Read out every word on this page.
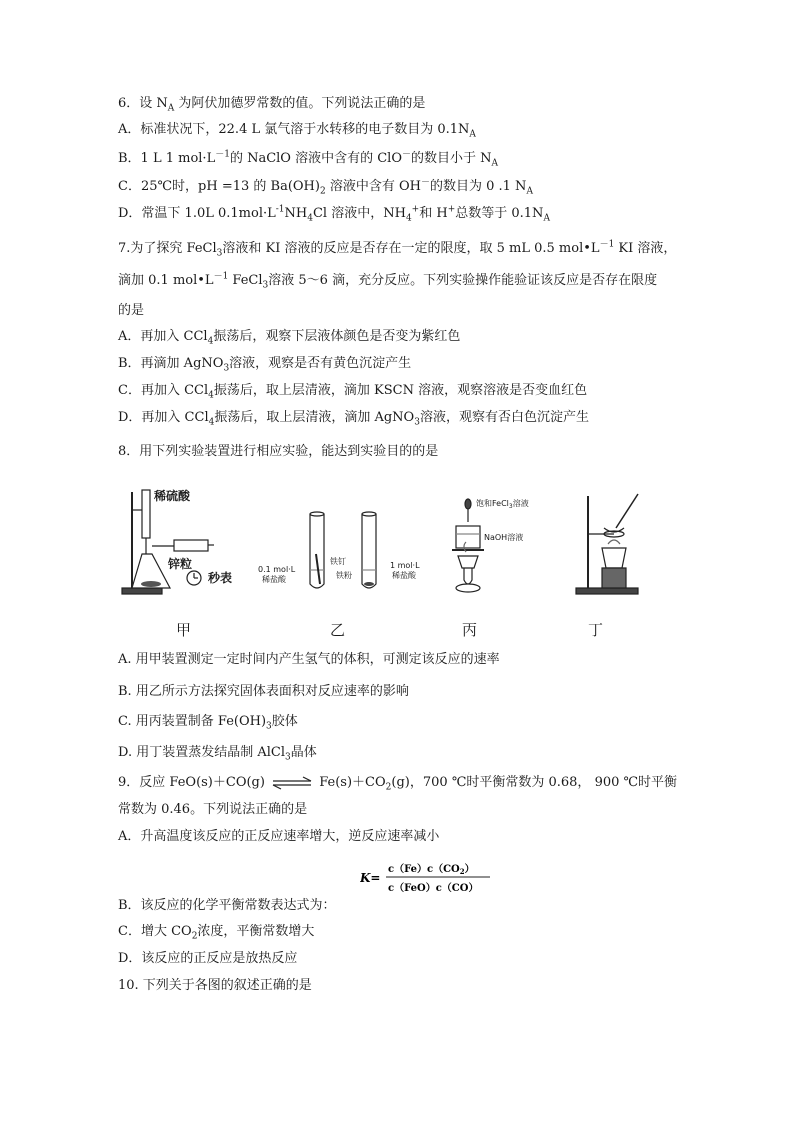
6．设 $N_A$ 为阿伏加德罗常数的值。下列说法正确的是
A．标准状况下，22.4 L 氯气溶于水转移的电子数目为 $0.1N_A$
B．1 L 1 $mol\cdot L^{-1}$的 NaClO 溶液中含有的 ClO－的数目小于 $N_A$
C．25℃时，pH =13 的 $Ba(OH)_2$ 溶液中含有 OH－的数目为 0 .1 $N_A$
D．常温下 1.0L $0.1mol\cdot L^{-1}NH_4Cl$ 溶液中，$NH_4^+$和 H+总数等于 $0.1N_A$
7.为了探究 FeCl$_3$溶液和 KI 溶液的反应是否存在一定的限度，取 5 mL 0.5 $mol•L^{-1}$ KI 溶液，
滴加 0.1 $mol•L^{-1}$ FeCl$_3$溶液 5～6 滴，充分反应。下列实验操作能验证该反应是否存在限度
的是
A．再加入 CCl$_4$振荡后，观察下层液体颜色是否变为紫红色
B．再滴加 AgNO$_3$溶液，观察是否有黄色沉淀产生
C．再加入 CCl$_4$振荡后，取上层清液，滴加 KSCN 溶液，观察溶液是否变血红色
D．再加入 CCl$_4$振荡后，取上层清液，滴加 AgNO$_3$溶液，观察有否白色沉淀产生
8．用下列实验装置进行相应实验，能达到实验目的的是
稀硫酸
锌粒
秒表
0.1 mol·L
稀盐酸
铁钉
铁粉
1 mol·L
稀盐酸
饱和FeCl$_3$溶液
NaOH溶液
甲	乙	丙	丁
A. 用甲装置测定一定时间内产生氢气的体积，可测定该反应的速率
B. 用乙所示方法探究固体表面积对反应速率的影响
C. 用丙装置制备 $Fe(OH)_3$胶体
D. 用丁装置蒸发结晶制 AlCl$_3$晶体
9．反应 FeO(s)＋CO(g) ⇌ $Fe(s)+CO_2(g)$，700 ℃时平衡常数为 0.68， 900 ℃时平衡
常数为 0.46。下列说法正确的是
A．升高温度该反应的正反应速率增大，逆反应速率减小
K=
$c(Fe)c(CO_2)$
c（FeO）c（CO）
B．该反应的化学平衡常数表达式为：
C．增大 $CO_2$浓度，平衡常数增大
D．该反应的正反应是放热反应
10. 下列关于各图的叙述正确的是
